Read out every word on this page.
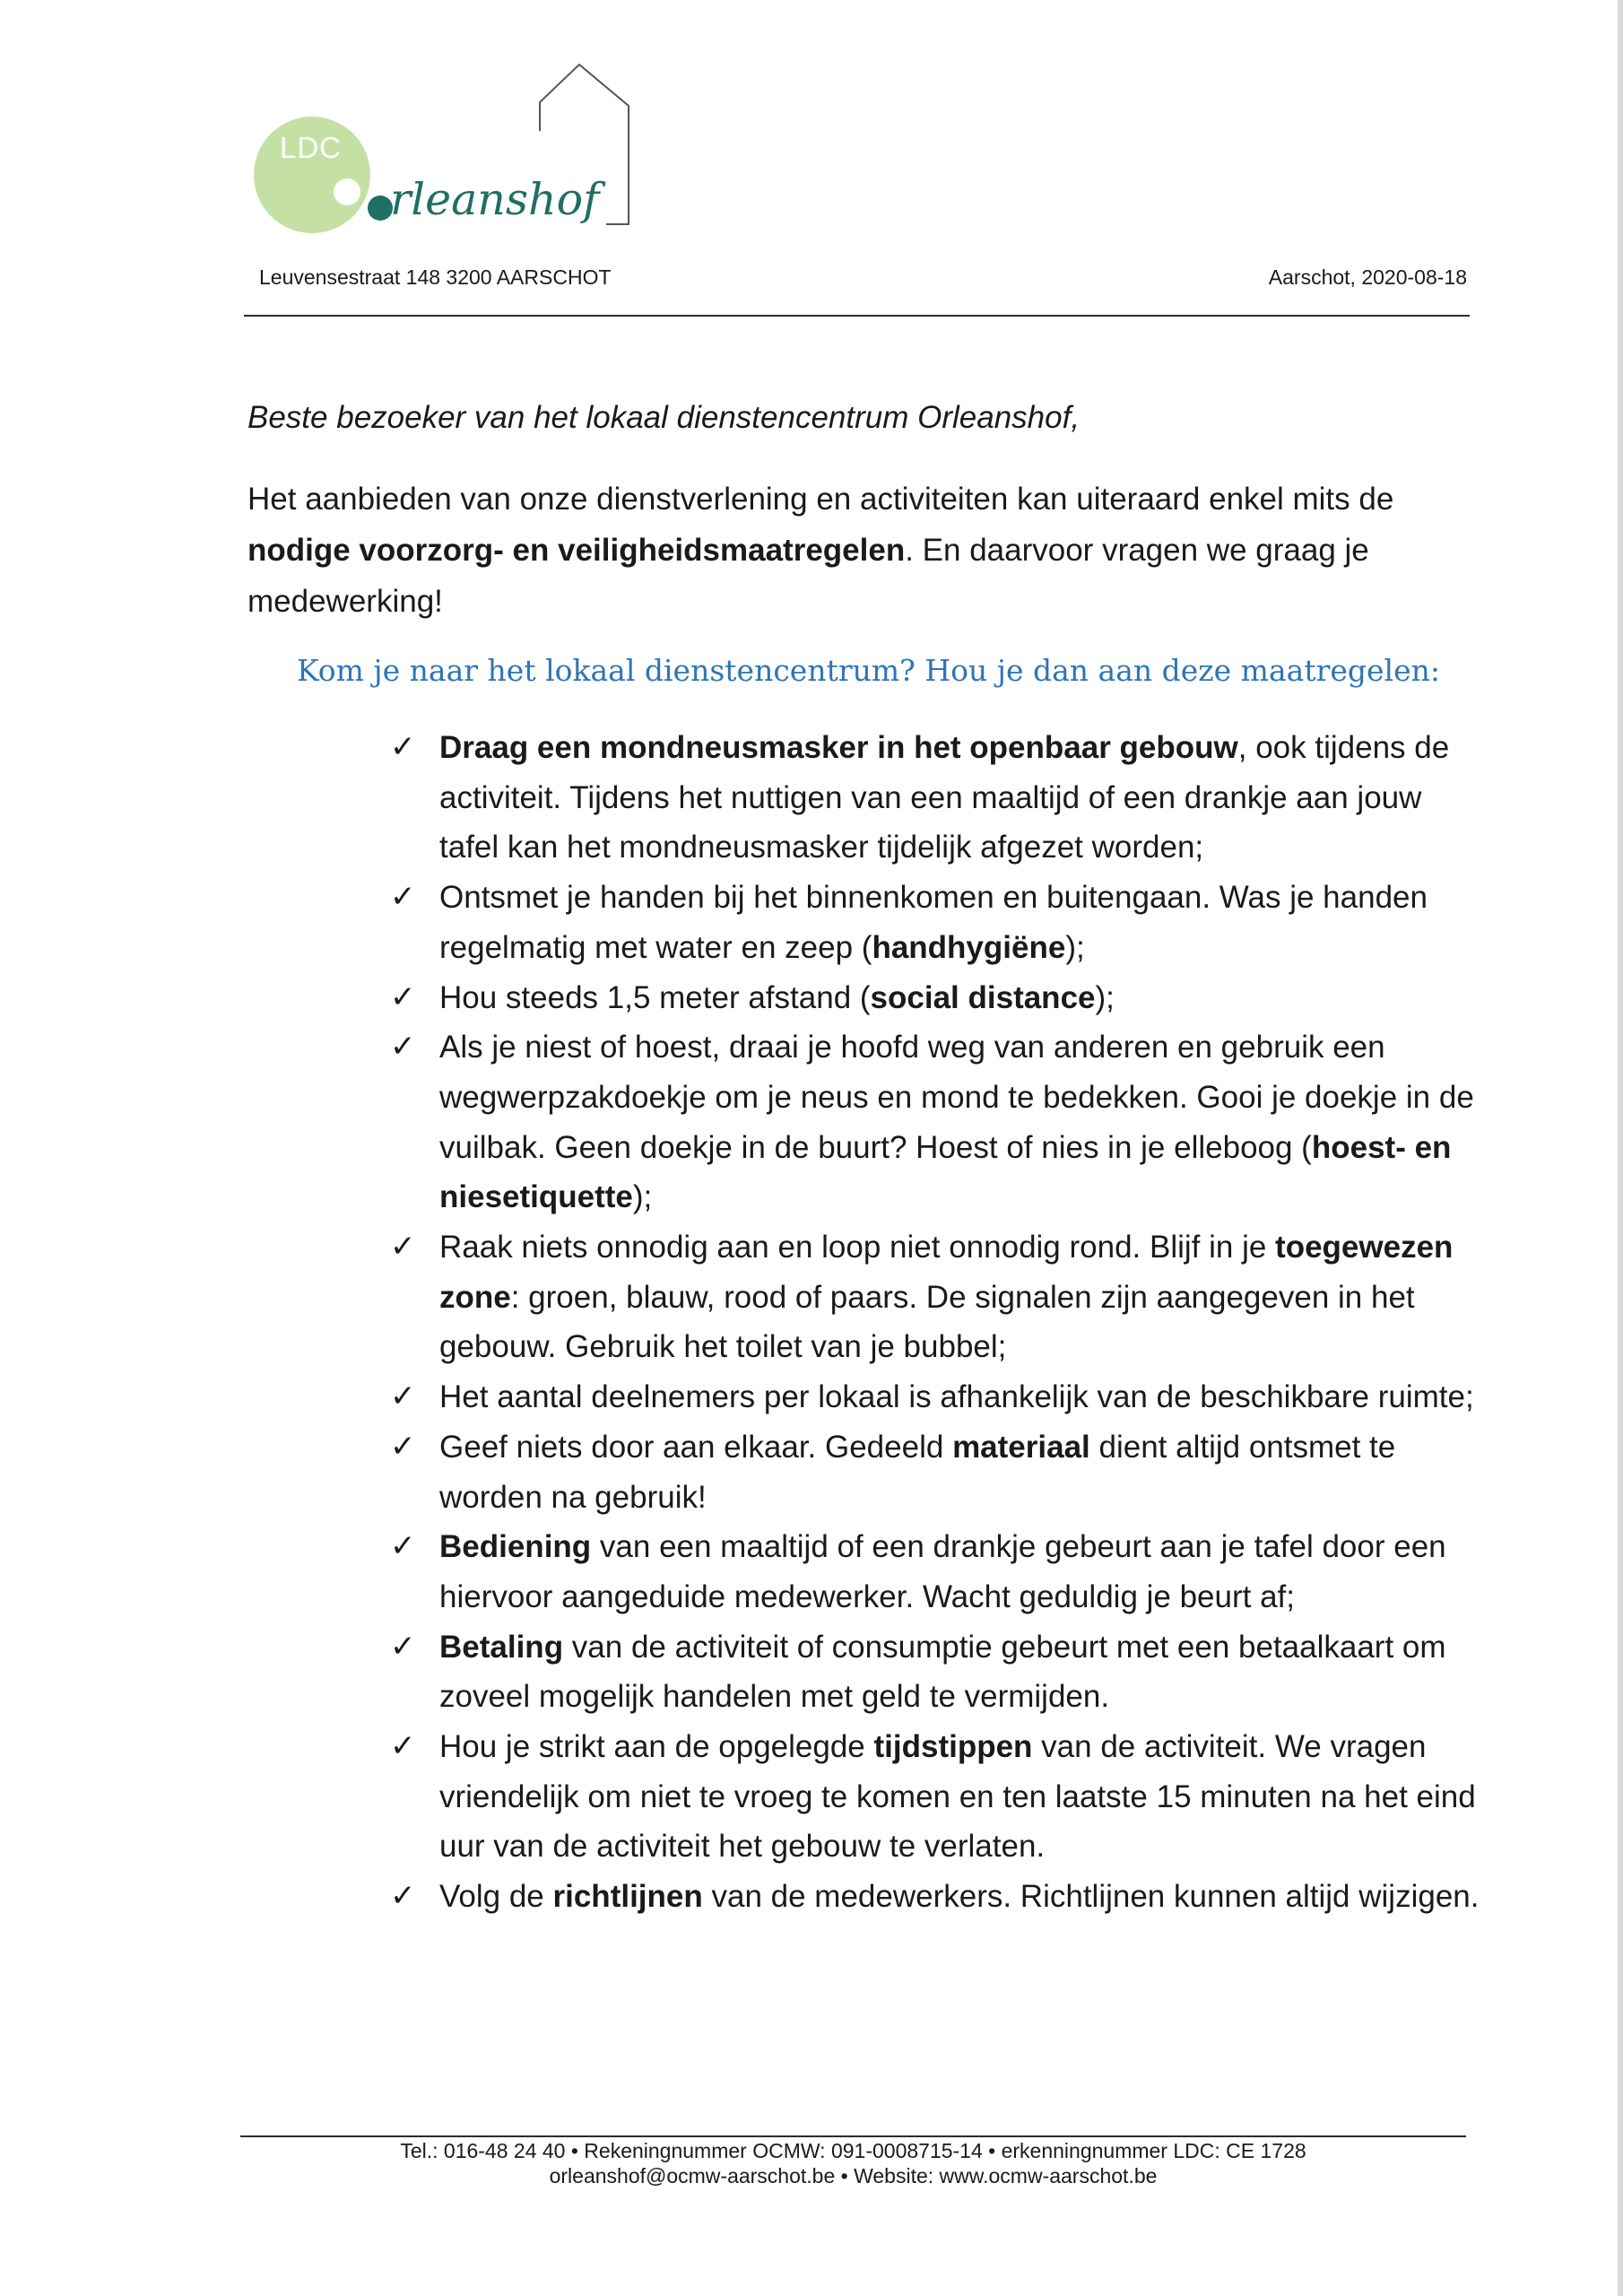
LDC
rleanshof
Leuvensestraat 148 3200 AARSCHOT	Aarschot, 2020-08-18
Beste bezoeker van het lokaal dienstencentrum Orleanshof,
Het aanbieden van onze dienstverlening en activiteiten kan uiteraard enkel mits de nodige voorzorg- en veiligheidsmaatregelen. En daarvoor vragen we graag je medewerking!
Kom je naar het lokaal dienstencentrum? Hou je dan aan deze maatregelen:
✓ Draag een mondneusmasker in het openbaar gebouw, ook tijdens de activiteit. Tijdens het nuttigen van een maaltijd of een drankje aan jouw tafel kan het mondneusmasker tijdelijk afgezet worden;
✓ Ontsmet je handen bij het binnenkomen en buitengaan. Was je handen regelmatig met water en zeep (handhygiëne);
✓ Hou steeds 1,5 meter afstand (social distance);
✓ Als je niest of hoest, draai je hoofd weg van anderen en gebruik een wegwerpzakdoekje om je neus en mond te bedekken. Gooi je doekje in de vuilbak. Geen doekje in de buurt? Hoest of nies in je elleboog (hoest- en niesetiquette);
✓ Raak niets onnodig aan en loop niet onnodig rond. Blijf in je toegewezen zone: groen, blauw, rood of paars. De signalen zijn aangegeven in het gebouw. Gebruik het toilet van je bubbel;
✓ Het aantal deelnemers per lokaal is afhankelijk van de beschikbare ruimte;
✓ Geef niets door aan elkaar. Gedeeld materiaal dient altijd ontsmet te worden na gebruik!
✓ Bediening van een maaltijd of een drankje gebeurt aan je tafel door een hiervoor aangeduide medewerker. Wacht geduldig je beurt af;
✓ Betaling van de activiteit of consumptie gebeurt met een betaalkaart om zoveel mogelijk handelen met geld te vermijden.
✓ Hou je strikt aan de opgelegde tijdstippen van de activiteit. We vragen vriendelijk om niet te vroeg te komen en ten laatste 15 minuten na het eind uur van de activiteit het gebouw te verlaten.
✓ Volg de richtlijnen van de medewerkers. Richtlijnen kunnen altijd wijzigen.
Tel.: 016-48 24 40 • Rekeningnummer OCMW: 091-0008715-14 • erkenningnummer LDC: CE 1728
orleanshof@ocmw-aarschot.be • Website: www.ocmw-aarschot.be
